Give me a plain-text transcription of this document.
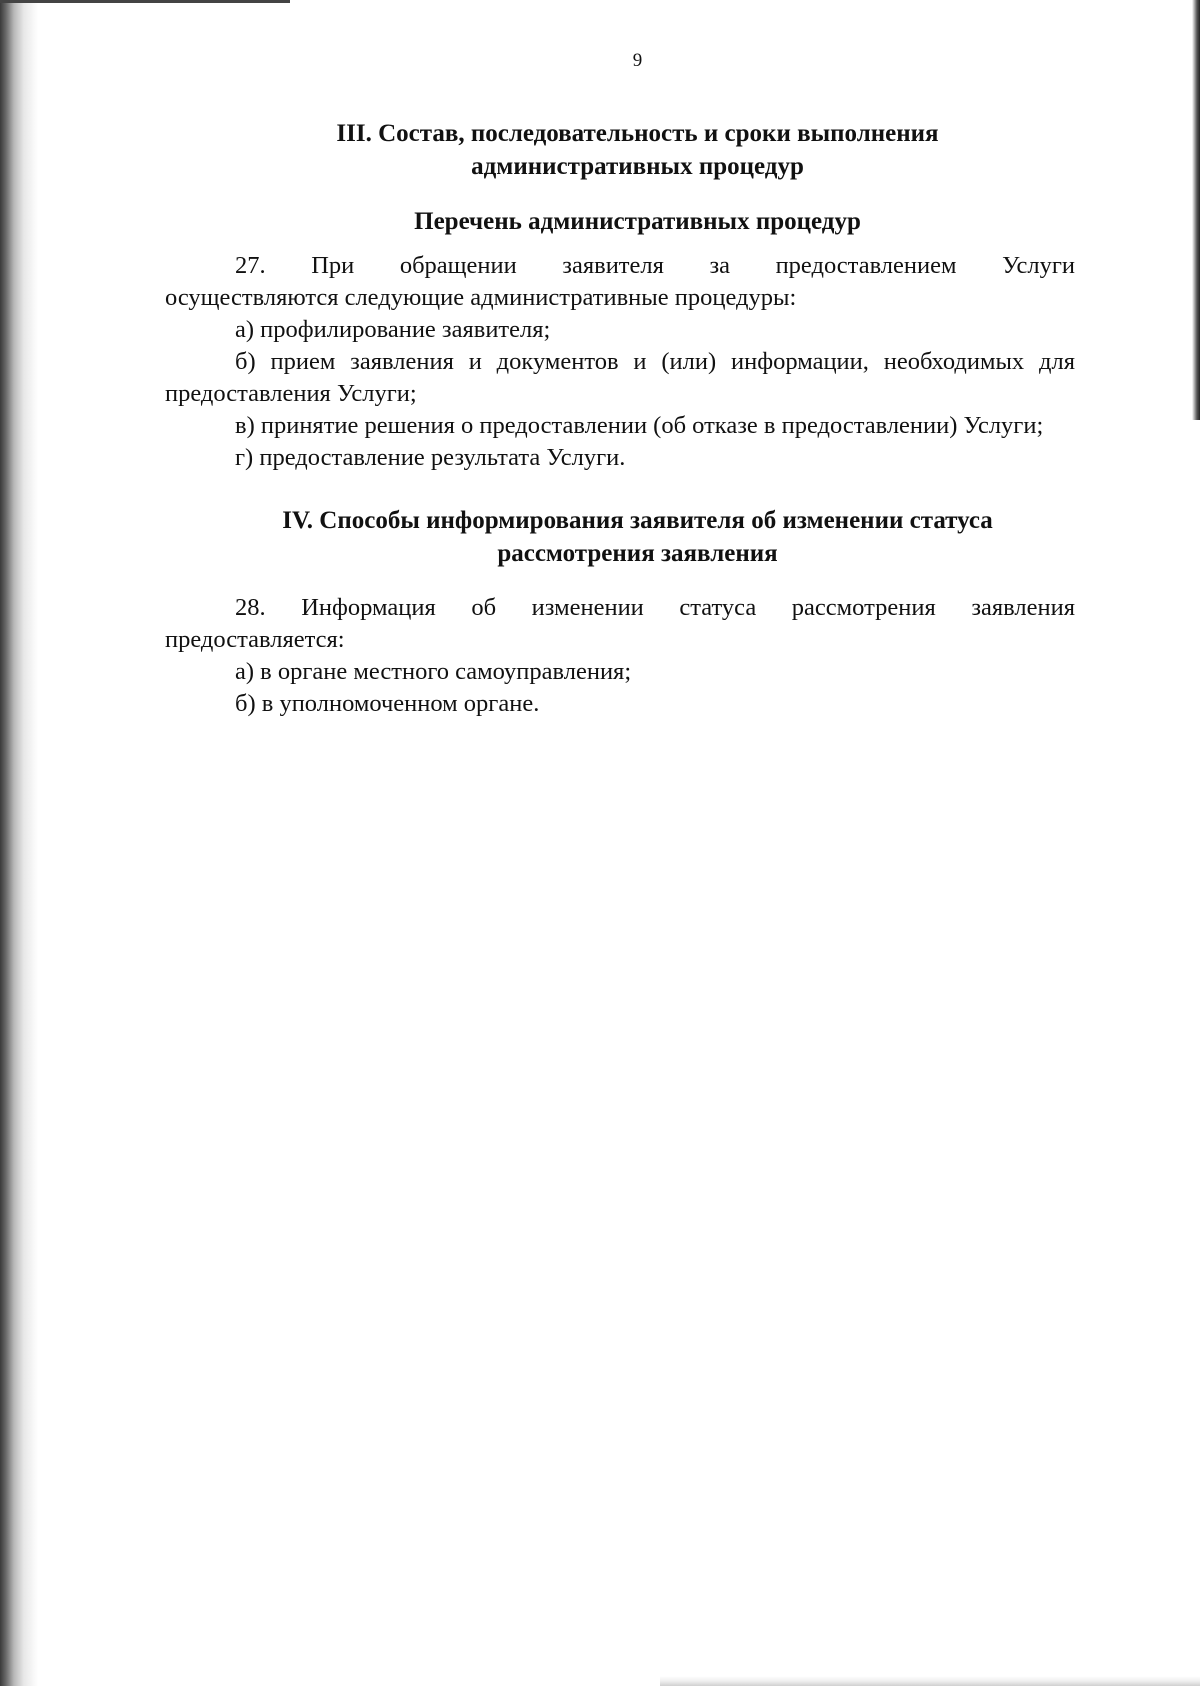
9
III. Состав, последовательность и сроки выполнения
административных процедур
Перечень административных процедур

27. При обращении заявителя за предоставлением Услуги

осуществляются следующие административные процедуры:

а) профилирование заявителя;

б) прием заявления и документов и (или) информации, необходимых для предоставления Услуги;

в) принятие решения о предоставлении (об отказе в предоставлении) Услуги;

г) предоставление результата Услуги.

IV. Способы информирования заявителя об изменении статуса
рассмотрения заявления

28. Информация об изменении статуса рассмотрения заявления

предоставляется:

а) в органе местного самоуправления;

б) в уполномоченном органе.
